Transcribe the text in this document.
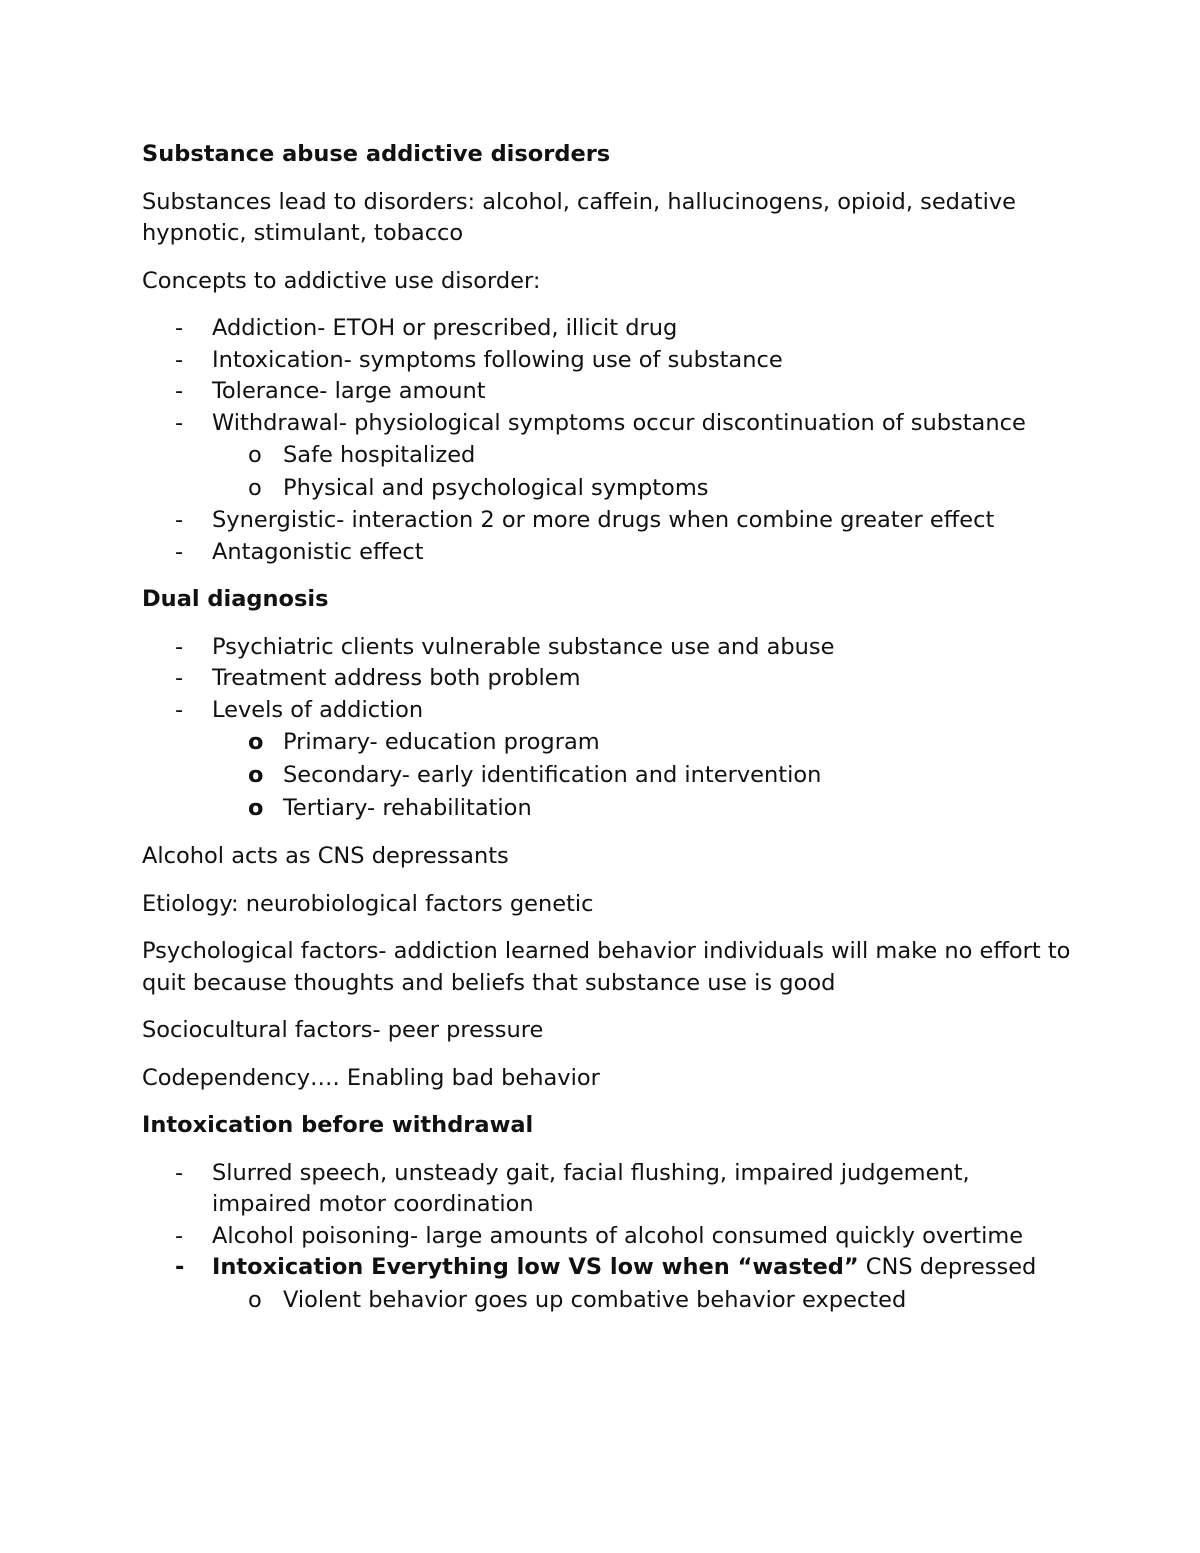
Substance abuse addictive disorders

Substances lead to disorders: alcohol, caffein, hallucinogens, opioid, sedative hypnotic, stimulant, tobacco

Concepts to addictive use disorder:

- Addiction- ETOH or prescribed, illicit drug
- Intoxication- symptoms following use of substance
- Tolerance- large amount
- Withdrawal- physiological symptoms occur discontinuation of substance
o Safe hospitalized
o Physical and psychological symptoms
- Synergistic- interaction 2 or more drugs when combine greater effect
- Antagonistic effect

Dual diagnosis

- Psychiatric clients vulnerable substance use and abuse
- Treatment address both problem
- Levels of addiction
o Primary- education program
o Secondary- early identification and intervention
o Tertiary- rehabilitation

Alcohol acts as CNS depressants

Etiology: neurobiological factors genetic

Psychological factors- addiction learned behavior individuals will make no effort to quit because thoughts and beliefs that substance use is good

Sociocultural factors- peer pressure

Codependency…. Enabling bad behavior

Intoxication before withdrawal

- Slurred speech, unsteady gait, facial flushing, impaired judgement, impaired motor coordination
- Alcohol poisoning- large amounts of alcohol consumed quickly overtime
- Intoxication Everything low VS low when “wasted” CNS depressed
o Violent behavior goes up combative behavior expected
